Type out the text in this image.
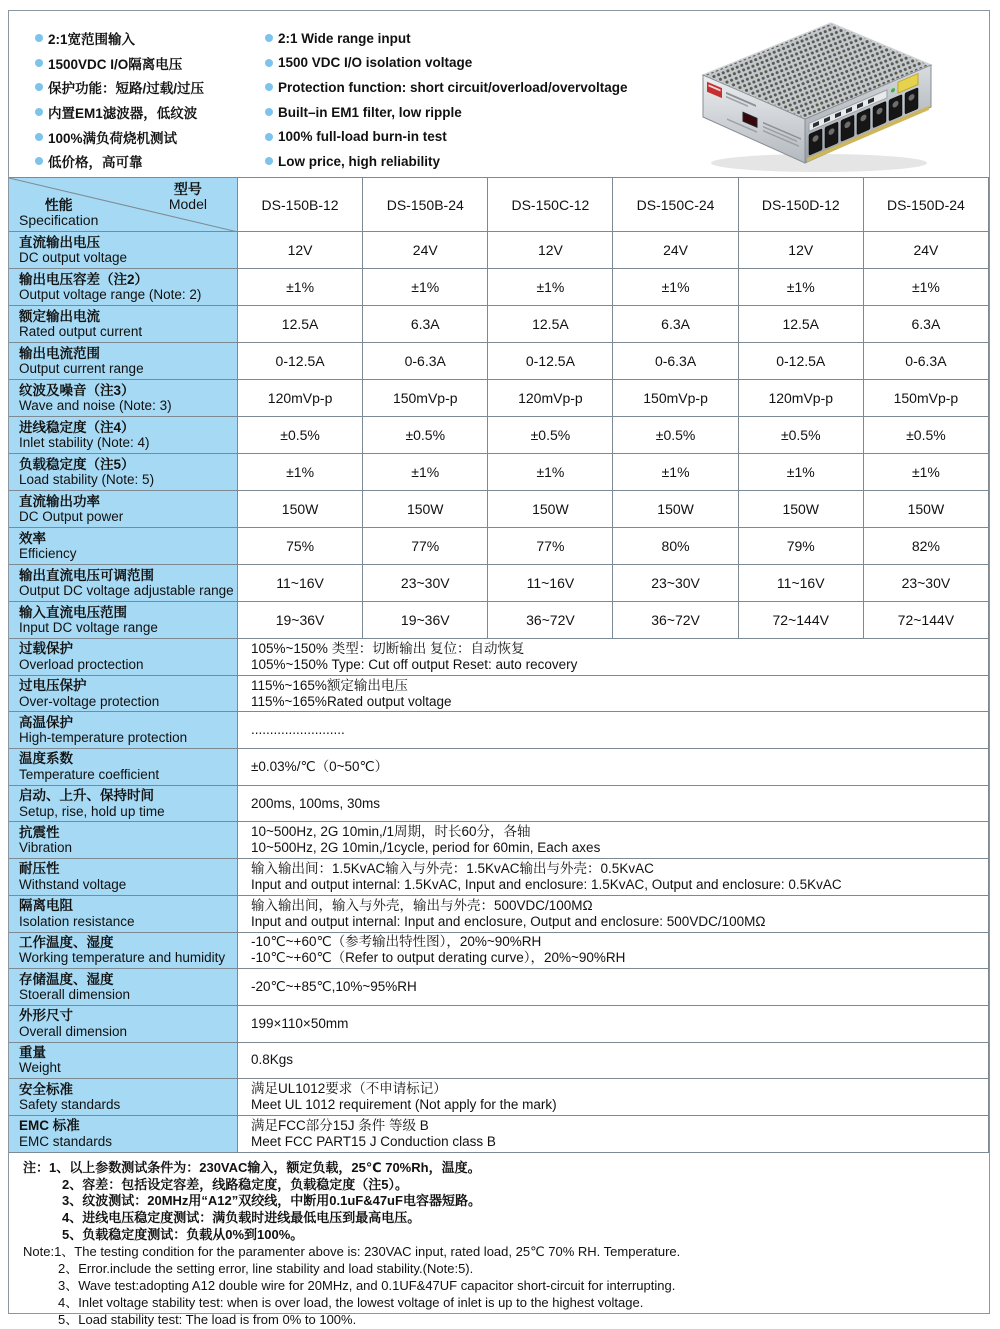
2:1宽范围输入
1500VDC I/O隔离电压
保护功能：短路/过载/过压
内置EM1滤波器，低纹波
100%满负荷烧机测试
低价格，高可靠
2:1 Wide range input
1500 VDC I/O isolation voltage
Protection function: short circuit/overload/overvoltage
Built–in EM1 filter, low ripple
100% full-load burn-in test
Low price, high reliability
型号
Model
性能
Specification
DS-150B-12	DS-150B-24	DS-150C-12	DS-150C-24	DS-150D-12	DS-150D-24
直流输出电压
DC output voltage	12V	24V	12V	24V	12V	24V
输出电压容差（注2）
Output voltage range (Note: 2)	±1%	±1%	±1%	±1%	±1%	±1%
额定输出电流
Rated output current	12.5A	6.3A	12.5A	6.3A	12.5A	6.3A
输出电流范围
Output current range	0-12.5A	0-6.3A	0-12.5A	0-6.3A	0-12.5A	0-6.3A
纹波及噪音（注3）
Wave and noise (Note: 3)	120mVp-p	150mVp-p	120mVp-p	150mVp-p	120mVp-p	150mVp-p
进线稳定度（注4）
Inlet stability (Note: 4)	±0.5%	±0.5%	±0.5%	±0.5%	±0.5%	±0.5%
负载稳定度（注5）
Load stability (Note: 5)	±1%	±1%	±1%	±1%	±1%	±1%
直流输出功率
DC Output power	150W	150W	150W	150W	150W	150W
效率
Efficiency	75%	77%	77%	80%	79%	82%
输出直流电压可调范围
Output DC voltage adjustable range	11~16V	23~30V	11~16V	23~30V	11~16V	23~30V
输入直流电压范围
Input DC voltage range	19~36V	19~36V	36~72V	36~72V	72~144V	72~144V
过载保护
Overload proctection
105%~150% 类型：切断输出 复位：自动恢复
105%~150% Type: Cut off output Reset: auto recovery
过电压保护
Over-voltage protection
115%~165%额定输出电压
115%~165%Rated output voltage
高温保护
High-temperature protection
.........................
温度系数
Temperature coefficient
±0.03%/℃（0~50℃）
启动、上升、保持时间
Setup, rise, hold up time
200ms, 100ms, 30ms
抗震性
Vibration
10~500Hz, 2G 10min,/1周期，时长60分，各轴
10~500Hz, 2G 10min,/1cycle, period for 60min, Each axes
耐压性
Withstand voltage
输入输出间：1.5KvAC输入与外壳：1.5KvAC输出与外壳：0.5KvAC
Input and output internal: 1.5KvAC, Input and enclosure: 1.5KvAC, Output and enclosure: 0.5KvAC
隔离电阻
Isolation resistance
输入输出间，输入与外壳，输出与外壳：500VDC/100MΩ
Input and output internal: Input and enclosure, Output and enclosure: 500VDC/100MΩ
工作温度、湿度
Working temperature and humidity
-10℃~+60℃（参考输出特性图），20%~90%RH
-10℃~+60℃（Refer to output derating curve），20%~90%RH
存储温度、湿度
Stoerall dimension
-20℃~+85℃,10%~95%RH
外形尺寸
Overall dimension
199×110×50mm
重量
Weight
0.8Kgs
安全标准
Safety standards
满足UL1012要求（不申请标记）
Meet UL 1012 requirement (Not apply for the mark)
EMC 标准
EMC standards
满足FCC部分15J 条件 等级 B
Meet FCC PART15 J Conduction class B
注：1、以上参数测试条件为：230VAC输入，额定负载，25℃ 70%Rh，温度。
2、容差：包括设定容差，线路稳定度，负载稳定度（注5）。
3、纹波测试：20MHz用“A12”双绞线，中断用0.1uF&47uF电容器短路。
4、进线电压稳定度测试：满负载时进线最低电压到最高电压。
5、负载稳定度测试：负载从0%到100%。
Note:1、The testing condition for the paramenter above is: 230VAC input, rated load, 25℃ 70% RH. Temperature.
2、Error.include the setting error, line stability and load stability.(Note:5).
3、Wave test:adopting A12 double wire for 20MHz, and 0.1UF&47UF capacitor short-circuit for interrupting.
4、Inlet voltage stability test: when is over load, the lowest voltage of inlet is up to the highest voltage.
5、Load stability test: The load is from 0% to 100%.
